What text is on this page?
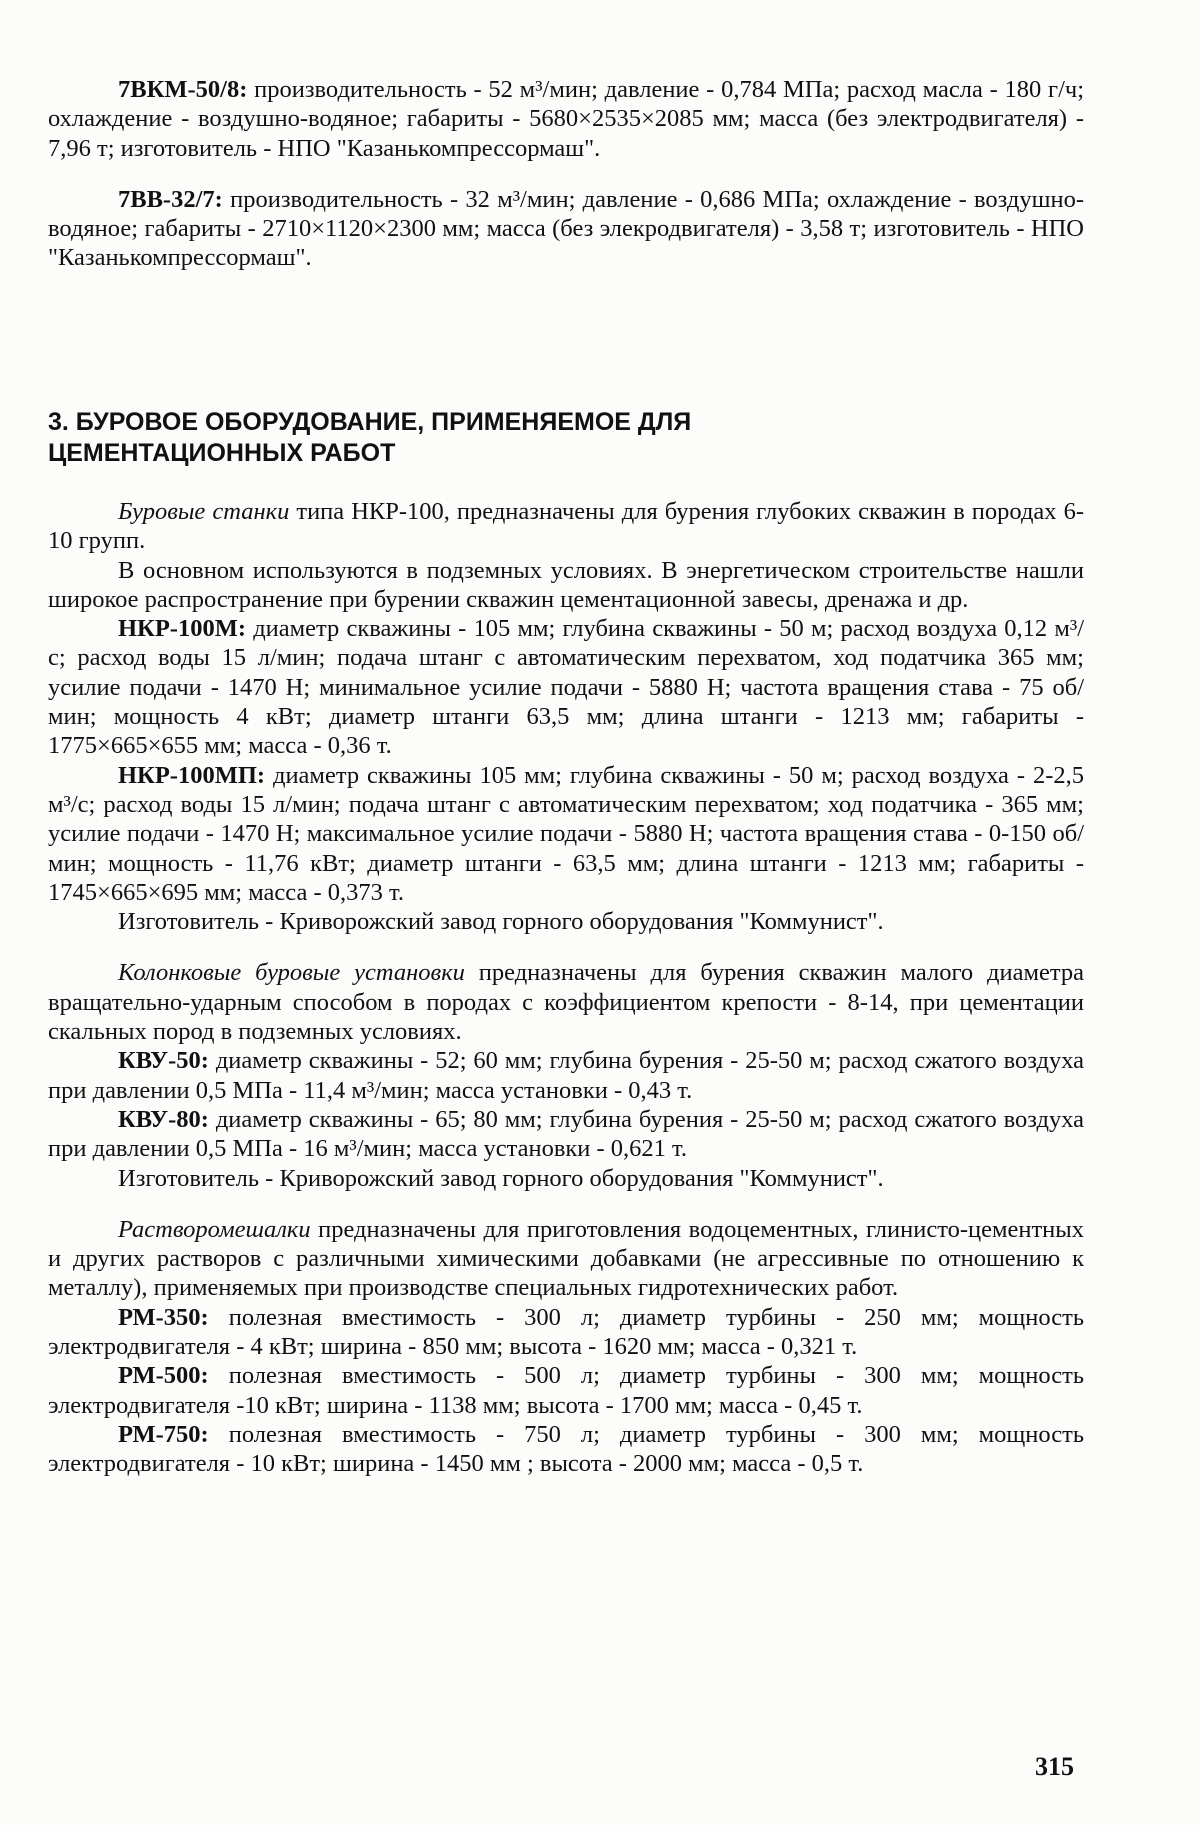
7ВКМ-50/8: производительность - 52 м³/мин; давление - 0,784 МПа; расход масла - 180 г/ч; охлаждение - воздушно-водяное; габариты - 5680×2535×2085 мм; масса (без электродвигателя) - 7,96 т; изготовитель - НПО "Казанькомпрессормаш".

7ВВ-32/7: производительность - 32 м³/мин; давление - 0,686 МПа; охлаждение - воздушно-водяное; габариты - 2710×1120×2300 мм; масса (без элекродвигателя) - 3,58 т; изготовитель - НПО "Казанькомпрессормаш".

3. БУРОВОЕ ОБОРУДОВАНИЕ, ПРИМЕНЯЕМОЕ ДЛЯ
ЦЕМЕНТАЦИОННЫХ РАБОТ

Буровые станки типа НКР-100, предназначены для бурения глубоких скважин в породах 6-10 групп.

В основном используются в подземных условиях. В энергетическом строительстве нашли широкое распространение при бурении скважин цементационной завесы, дренажа и др.

НКР-100М: диаметр скважины - 105 мм; глубина скважины - 50 м; расход воздуха 0,12 м³/с; расход воды 15 л/мин; подача штанг с автоматическим перехватом, ход податчика 365 мм; усилие подачи - 1470 Н; минимальное усилие подачи - 5880 Н; частота вращения става - 75 об/мин; мощность 4 кВт; диаметр штанги 63,5 мм; длина штанги - 1213 мм; габариты - 1775×665×655 мм; масса - 0,36 т.

НКР-100МП: диаметр скважины 105 мм; глубина скважины - 50 м; расход воздуха - 2-2,5 м³/с; расход воды 15 л/мин; подача штанг с автоматическим перехватом; ход податчика - 365 мм; усилие подачи - 1470 Н; максимальное усилие подачи - 5880 Н; частота вращения става - 0-150 об/мин; мощность - 11,76 кВт; диаметр штанги - 63,5 мм; длина штанги - 1213 мм; габариты - 1745×665×695 мм; масса - 0,373 т.

Изготовитель - Криворожский завод горного оборудования "Коммунист".

Колонковые буровые установки предназначены для бурения скважин малого диаметра вращательно-ударным способом в породах с коэффициентом крепости - 8-14, при цементации скальных пород в подземных условиях.

КВУ-50: диаметр скважины - 52; 60 мм; глубина бурения - 25-50 м; расход сжатого воздуха при давлении 0,5 МПа - 11,4 м³/мин; масса установки - 0,43 т.

КВУ-80: диаметр скважины - 65; 80 мм; глубина бурения - 25-50 м; расход сжатого воздуха при давлении 0,5 МПа - 16 м³/мин; масса установки - 0,621 т.

Изготовитель - Криворожский завод горного оборудования "Коммунист".

Растворомешалки предназначены для приготовления водоцементных, глинисто-цементных и других растворов с различными химическими добавками (не агрессивные по отношению к металлу), применяемых при производстве специальных гидротехнических работ.

РМ-350: полезная вместимость - 300 л; диаметр турбины - 250 мм; мощность электродвигателя - 4 кВт; ширина - 850 мм; высота - 1620 мм; масса - 0,321 т.

РМ-500: полезная вместимость - 500 л; диаметр турбины - 300 мм; мощность электродвигателя -10 кВт; ширина - 1138 мм; высота - 1700 мм; масса - 0,45 т.

РМ-750: полезная вместимость - 750 л; диаметр турбины - 300 мм; мощность электродвигателя - 10 кВт; ширина - 1450 мм ; высота - 2000 мм; масса - 0,5 т.

315
